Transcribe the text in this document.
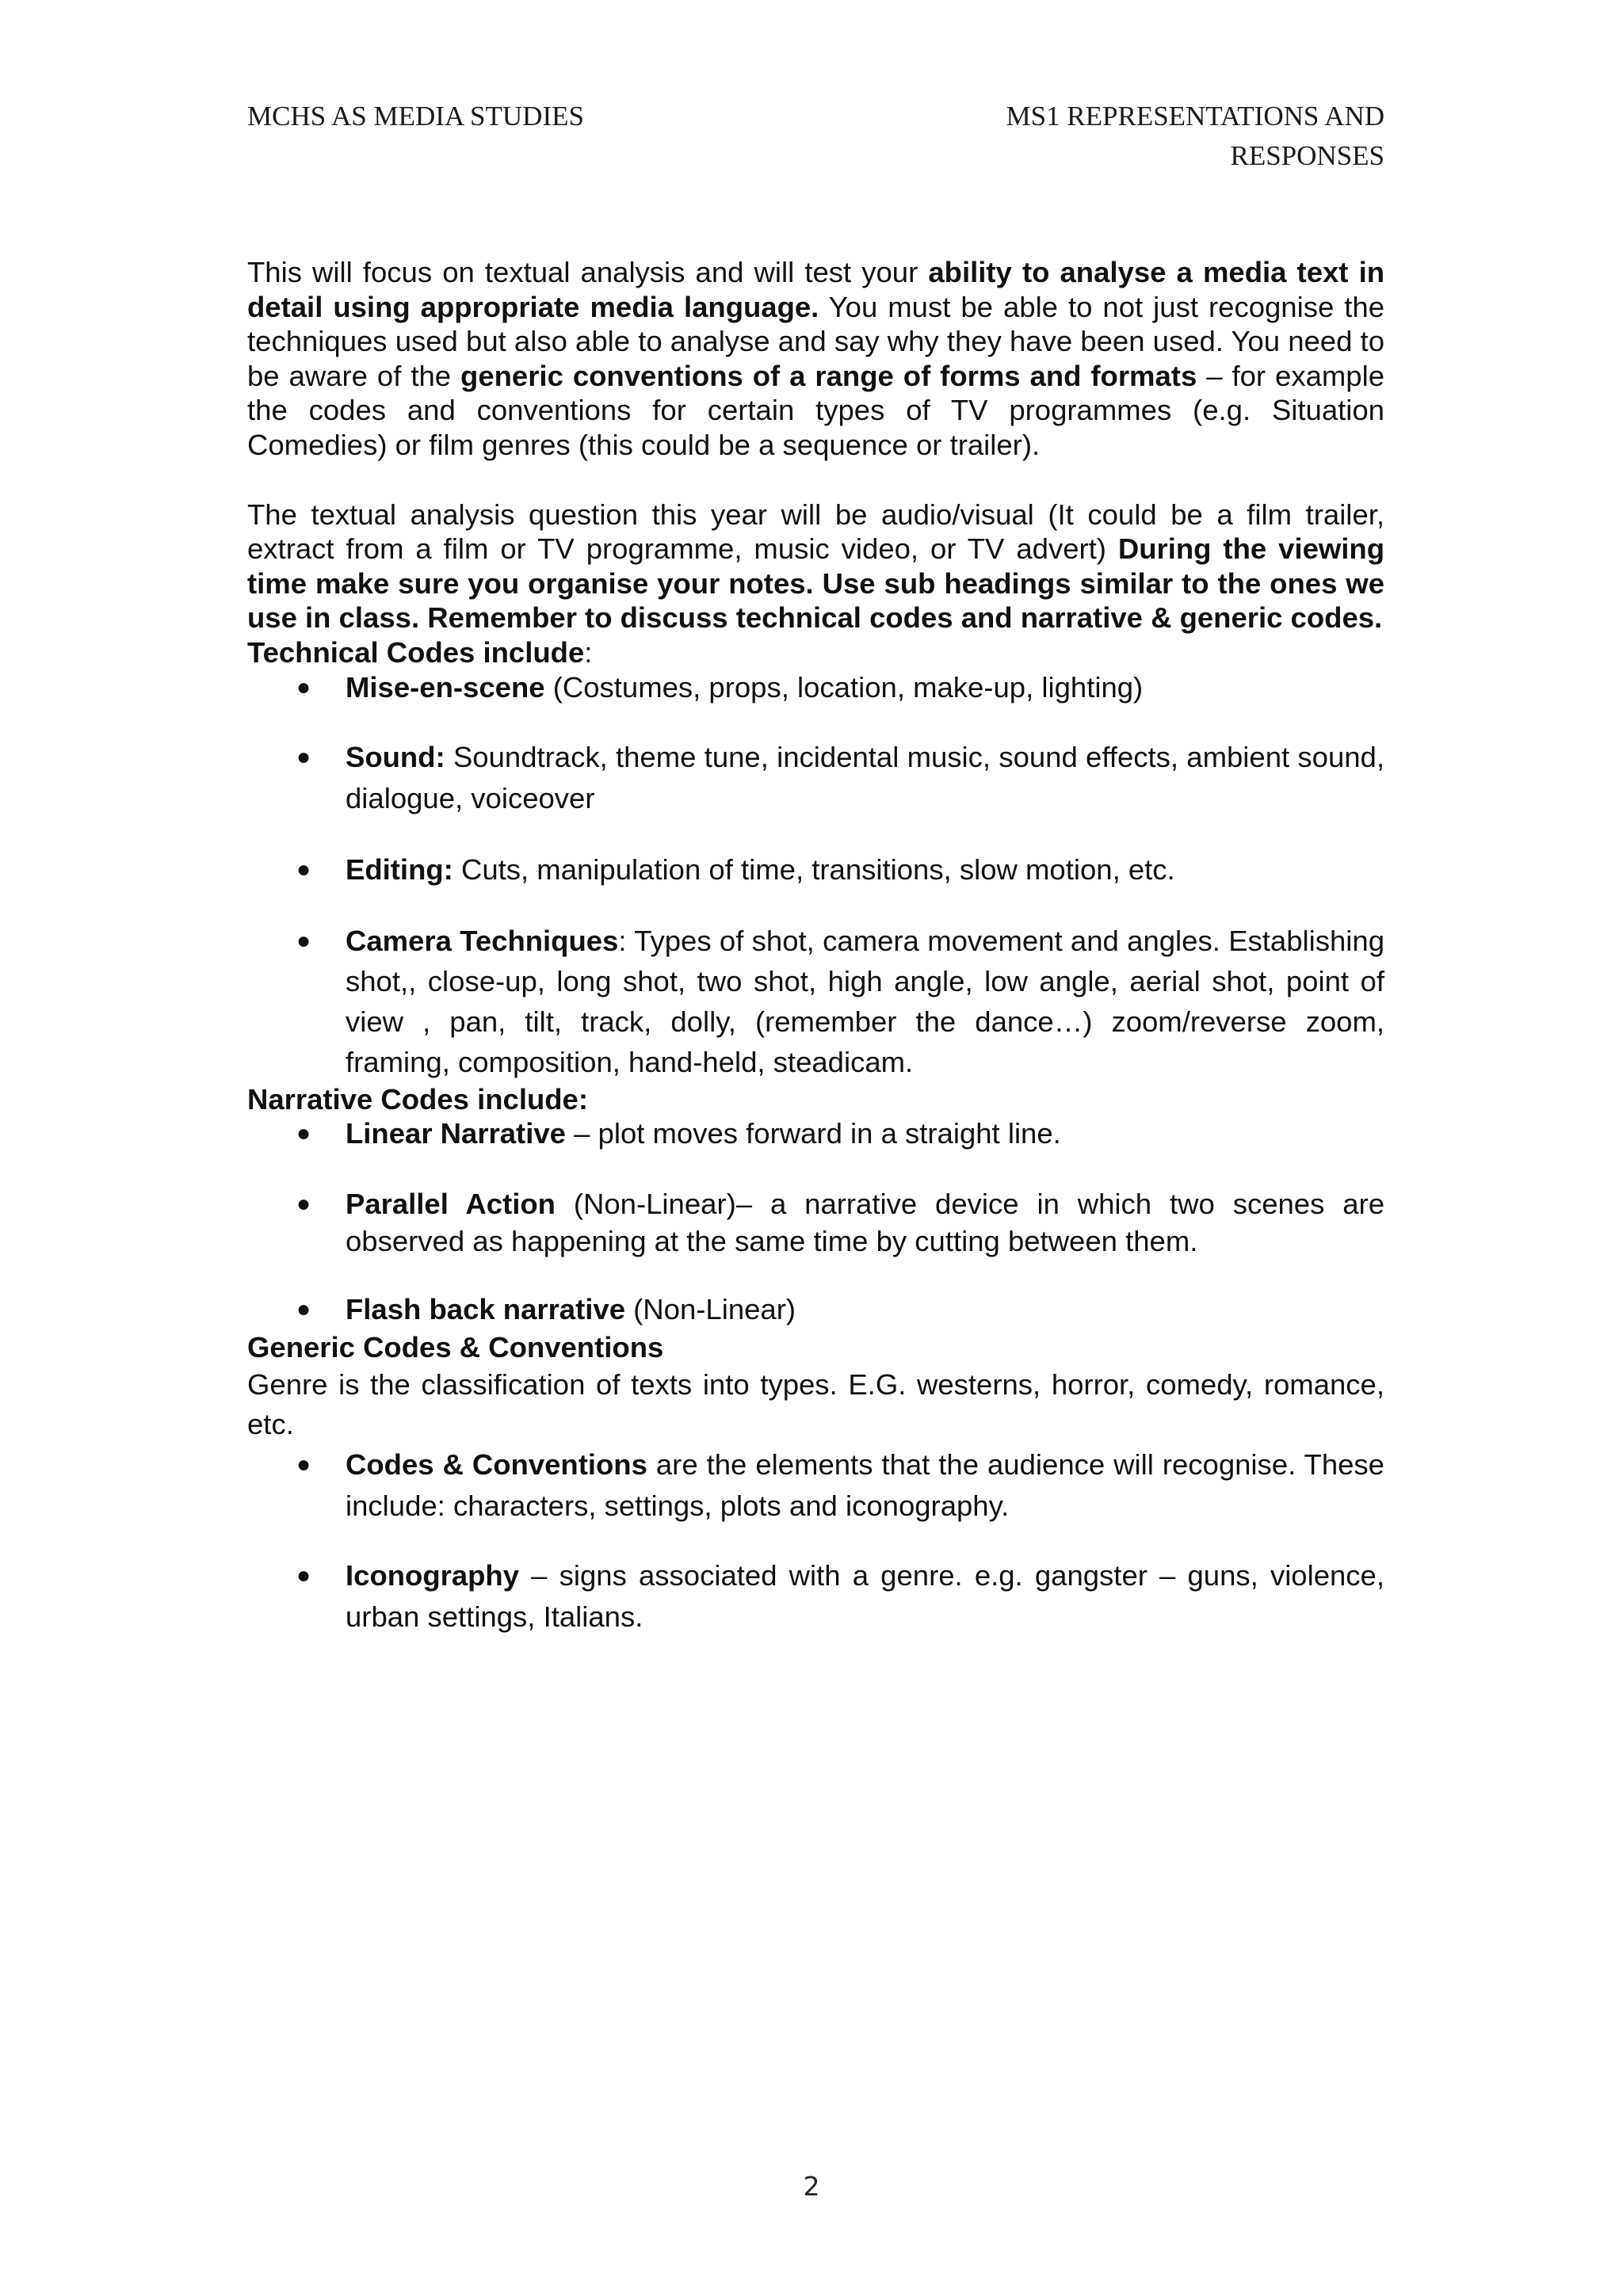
MCHS AS MEDIA STUDIES	MS1 REPRESENTATIONS AND
RESPONSES

This will focus on textual analysis and will test your ability to analyse a media text in detail using appropriate media language. You must be able to not just recognise the techniques used but also able to analyse and say why they have been used. You need to be aware of the generic conventions of a range of forms and formats – for example the codes and conventions for certain types of TV programmes (e.g. Situation Comedies) or film genres (this could be a sequence or trailer).

The textual analysis question this year will be audio/visual (It could be a film trailer, extract from a film or TV programme, music video, or TV advert) During the viewing time make sure you organise your notes. Use sub headings similar to the ones we use in class. Remember to discuss technical codes and narrative & generic codes.

Technical Codes include:

● Mise-en-scene (Costumes, props, location, make-up, lighting)
● Sound: Soundtrack, theme tune, incidental music, sound effects, ambient sound, dialogue, voiceover
● Editing: Cuts, manipulation of time, transitions, slow motion, etc.
● Camera Techniques: Types of shot, camera movement and angles. Establishing shot,, close-up, long shot, two shot, high angle, low angle, aerial shot, point of view , pan, tilt, track, dolly, (remember the dance…) zoom/reverse zoom, framing, composition, hand-held, steadicam.

Narrative Codes include:

● Linear Narrative – plot moves forward in a straight line.
● Parallel Action (Non-Linear)– a narrative device in which two scenes are observed as happening at the same time by cutting between them.
● Flash back narrative (Non-Linear)

Generic Codes & Conventions

Genre is the classification of texts into types. E.G. westerns, horror, comedy, romance, etc.

● Codes & Conventions are the elements that the audience will recognise. These include: characters, settings, plots and iconography.
● Iconography – signs associated with a genre. e.g. gangster – guns, violence, urban settings, Italians.
2
